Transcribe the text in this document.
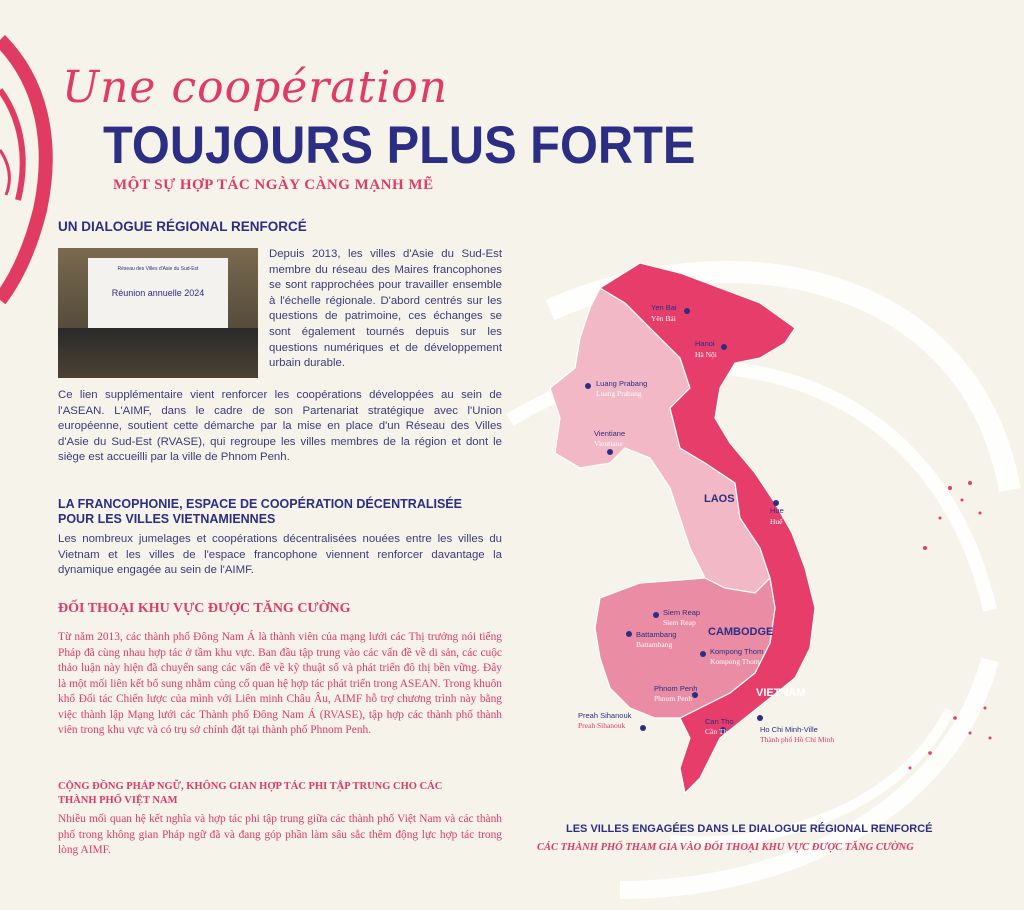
Une coopération
TOUJOURS PLUS FORTE
MỘT SỰ HỢP TÁC NGÀY CÀNG MẠNH MẼ
UN DIALOGUE RÉGIONAL RENFORCÉ
Réseau des Villes d'Asie du Sud-Est
Réunion annuelle 2024
Depuis 2013, les villes d'Asie du Sud-Est membre du réseau des Maires francophones se sont rapprochées pour travailler ensemble à l'échelle régionale. D'abord centrés sur les questions de patrimoine, ces échanges se sont également tournés depuis sur les questions numériques et de développement urbain durable.
Ce lien supplémentaire vient renforcer les coopérations développées au sein de l'ASEAN. L'AIMF, dans le cadre de son Partenariat stratégique avec l'Union européenne, soutient cette démarche par la mise en place d'un Réseau des Villes d'Asie du Sud-Est (RVASE), qui regroupe les villes membres de la région et dont le siège est accueilli par la ville de Phnom Penh.
LA FRANCOPHONIE, ESPACE DE COOPÉRATION DÉCENTRALISÉE
POUR LES VILLES VIETNAMIENNES
Les nombreux jumelages et coopérations décentralisées nouées entre les villes du Vietnam et les villes de l'espace francophone viennent renforcer davantage la dynamique engagée au sein de l'AIMF.
ĐỐI THOẠI KHU VỰC ĐƯỢC TĂNG CƯỜNG
Từ năm 2013, các thành phố Đông Nam Á là thành viên của mạng lưới các Thị trưởng nói tiếng Pháp đã cùng nhau hợp tác ở tầm khu vực. Ban đầu tập trung vào các vấn đề về di sản, các cuộc thảo luận này hiện đã chuyển sang các vấn đề về kỹ thuật số và phát triển đô thị bền vững. Đây là một mối liên kết bổ sung nhằm củng cố quan hệ hợp tác phát triển trong ASEAN. Trong khuôn khổ Đối tác Chiến lược của mình với Liên minh Châu Âu, AIMF hỗ trợ chương trình này bằng việc thành lập Mạng lưới các Thành phố Đông Nam Á (RVASE), tập hợp các thành phố thành viên trong khu vực và có trụ sở chính đặt tại thành phố Phnom Penh.
CỘNG ĐỒNG PHÁP NGỮ, KHÔNG GIAN HỢP TÁC PHI TẬP TRUNG CHO CÁC
THÀNH PHỐ VIỆT NAM
Nhiều mối quan hệ kết nghĩa và hợp tác phi tập trung giữa các thành phố Việt Nam và các thành phố trong không gian Pháp ngữ đã và đang góp phần làm sâu sắc thêm động lực hợp tác trong lòng AIMF.
LAOS
CAMBODGE
VIETNAM
Yen Bai
Yên Bái
Hanoi
Hà Nội
Luang Prabang
Luang Prabang
Vientiane
Vientiane
Hue
Huế
Siem Reap
Siem Reap
Battambang
Battambang
Kompong Thom
Kompong Thom
Phnom Penh
Phnom Penh
Preah Sihanouk
Preah Sihanouk	Can Tho
Cần Thơ	Ho Chi Minh-Ville
Thành phố Hồ Chí Minh
LES VILLES ENGAGÉES DANS LE DIALOGUE RÉGIONAL RENFORCÉ
CÁC THÀNH PHỐ THAM GIA VÀO ĐỐI THOẠI KHU VỰC ĐƯỢC TĂNG CƯỜNG
